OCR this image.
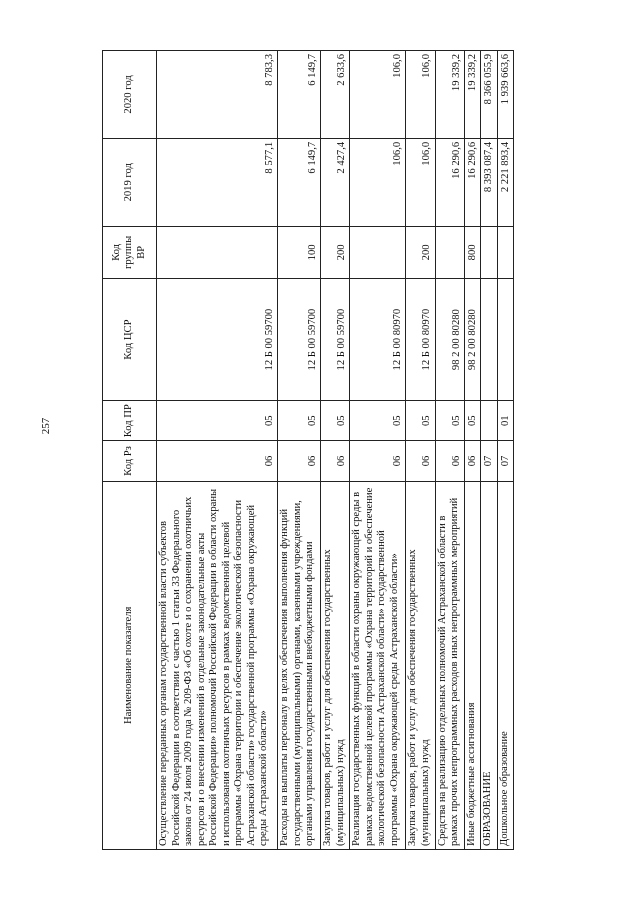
257
Наименование показателя	Код Рз	Код ПР	Код ЦСР	Код группы ВР	2019 год	2020 год
Осуществление переданных органам государственной власти субъектов Российской Федерации в соответствии с частью 1 статьи 33 Федерального закона от 24 июля 2009 года № 209-ФЗ «Об охоте и о сохранении охотничьих ресурсов и о внесении изменений в отдельные законодательные акты Российской Федерации» полномочий Российской Федерации в области охраны и использования охотничьих ресурсов в рамках ведомственной целевой программы «Охрана территории и обеспечение экологической безопасности Астраханской области» государственной программы «Охрана окружающей среды Астраханской области»	06	05	12 Б 00 59700		8 577,1	8 783,3
Расходы на выплаты персоналу в целях обеспечения выполнения функций государственными (муниципальными) органами, казенными учреждениями, органами управления государственными внебюджетными фондами	06	05	12 Б 00 59700	100	6 149,7	6 149,7
Закупка товаров, работ и услуг для обеспечения государственных (муниципальных) нужд	06	05	12 Б 00 59700	200	2 427,4	2 633,6
Реализация государственных функций в области охраны окружающей среды в рамках ведомственной целевой программы «Охрана территорий и обеспечение экологической безопасности Астраханской области» государственной программы «Охрана окружающей среды Астраханской области»	06	05	12 Б 00 80970		106,0	106,0
Закупка товаров, работ и услуг для обеспечения государственных (муниципальных) нужд	06	05	12 Б 00 80970	200	106,0	106,0
Средства на реализацию отдельных полномочий Астраханской области в рамках прочих непрограммных расходов иных непрограммных мероприятий	06	05	98 2 00 80280		16 290,6	19 339,2
Иные бюджетные ассигнования	06	05	98 2 00 80280	800	16 290,6	19 339,2
ОБРАЗОВАНИЕ	07				8 393 087,4	8 366 055,9
Дошкольное образование	07	01			2 221 893,4	1 939 663,6
